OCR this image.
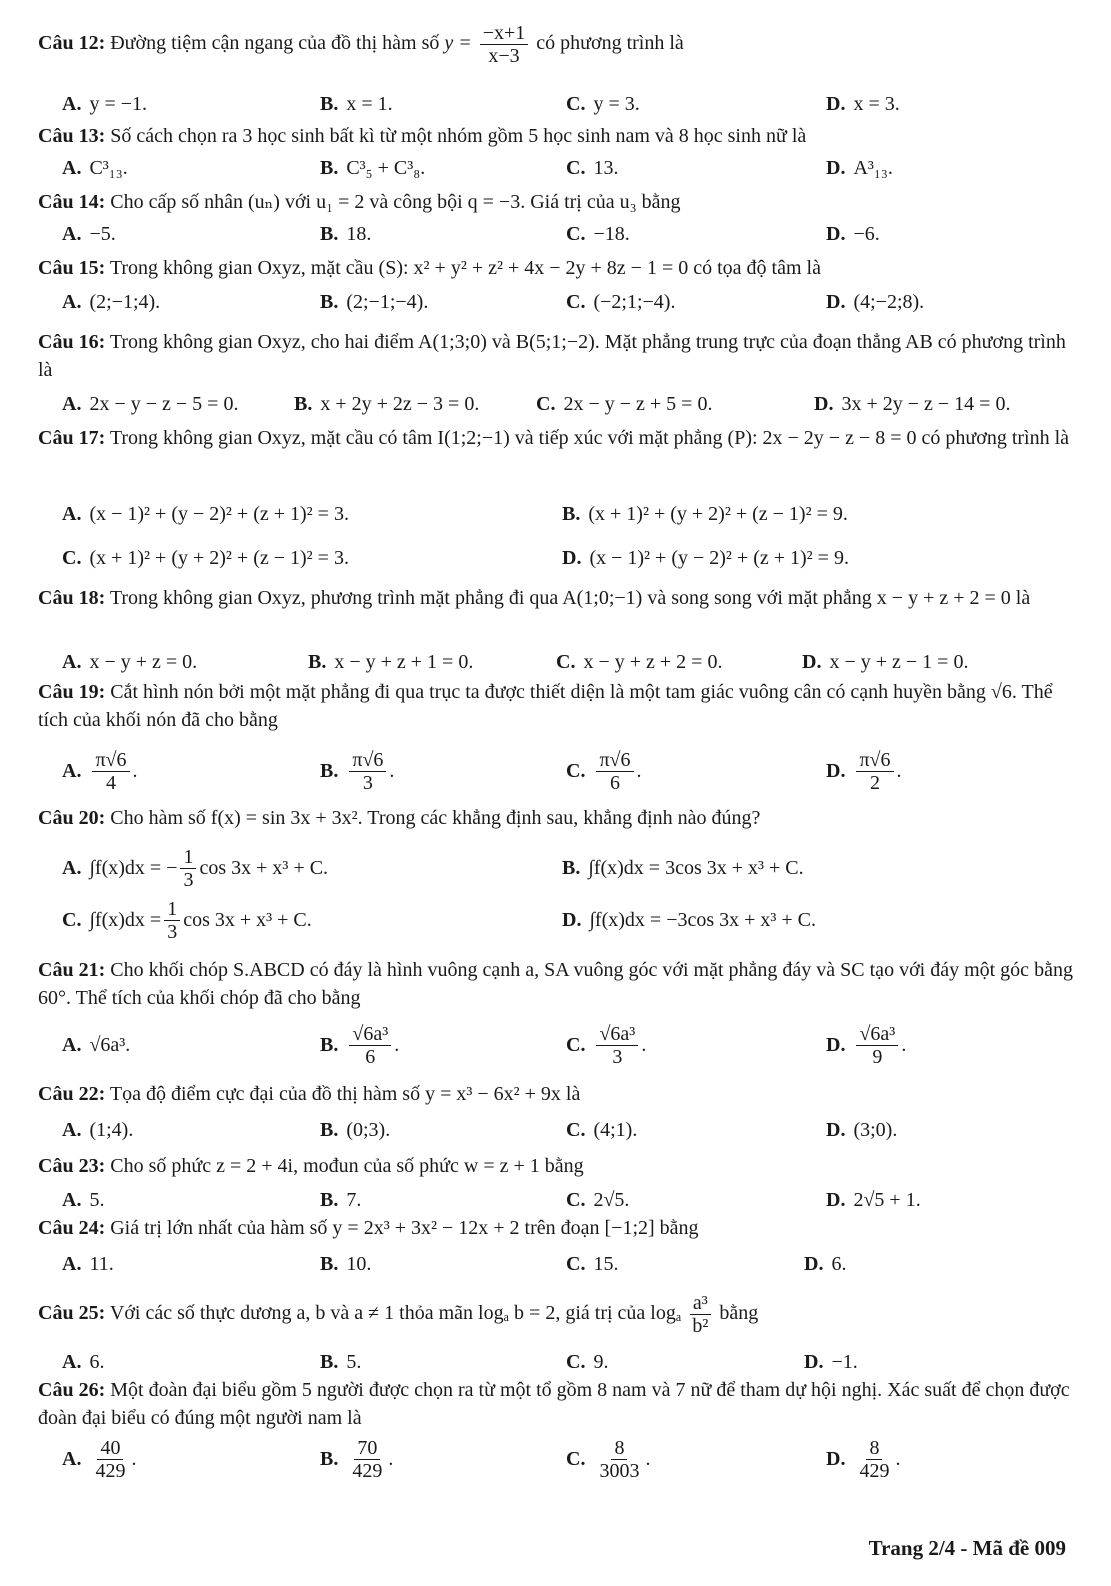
Câu 12: Đường tiệm cận ngang của đồ thị hàm số $y = \frac{-x+1}{x-3}$ có phương trình là
A. y = −1.	B. x = 1.	C. y = 3.	D. x = 3.
Câu 13: Số cách chọn ra 3 học sinh bất kì từ một nhóm gồm 5 học sinh nam và 8 học sinh nữ là
A. C³₁₃.	B. C³₅ + C³₈.	C. 13.	D. A³₁₃.
Câu 14: Cho cấp số nhân (uₙ) với u₁ = 2 và công bội q = −3. Giá trị của u₃ bằng
A. −5.	B. 18.	C. −18.	D. −6.
Câu 15: Trong không gian Oxyz, mặt cầu (S): x² + y² + z² + 4x − 2y + 8z − 1 = 0 có tọa độ tâm là
A. (2;−1;4).	B. (2;−1;−4).	C. (−2;1;−4).	D. (4;−2;8).
Câu 16: Trong không gian Oxyz, cho hai điểm A(1;3;0) và B(5;1;−2). Mặt phẳng trung trực của đoạn thẳng AB có phương trình là
A. 2x − y − z − 5 = 0.	B. x + 2y + 2z − 3 = 0.	C. 2x − y − z + 5 = 0.	D. 3x + 2y − z − 14 = 0.
Câu 17: Trong không gian Oxyz, mặt cầu có tâm I(1;2;−1) và tiếp xúc với mặt phẳng (P): 2x − 2y − z − 8 = 0 có phương trình là
A. (x − 1)² + (y − 2)² + (z + 1)² = 3.	B. (x + 1)² + (y + 2)² + (z − 1)² = 9.
C. (x + 1)² + (y + 2)² + (z − 1)² = 3.	D. (x − 1)² + (y − 2)² + (z + 1)² = 9.
Câu 18: Trong không gian Oxyz, phương trình mặt phẳng đi qua A(1;0;−1) và song song với mặt phẳng x − y + z + 2 = 0 là
A. x − y + z = 0.	B. x − y + z + 1 = 0.	C. x − y + z + 2 = 0.	D. x − y + z − 1 = 0.
Câu 19: Cắt hình nón bởi một mặt phẳng đi qua trục ta được thiết diện là một tam giác vuông cân có cạnh huyền bằng √6. Thể tích của khối nón đã cho bằng
A. $\frac{\pi√6}{4}$ .	B. $\frac{\pi√6}{3}$ .	C. $\frac{\pi√6}{6}$ .	D. $\frac{\pi√6}{2}$ .
Câu 20: Cho hàm số f(x) = sin 3x + 3x². Trong các khẳng định sau, khẳng định nào đúng?
A. ∫f(x)dx = − $\frac{1}{3}$ cos 3x + x³ + C.	B. ∫f(x)dx = 3cos 3x + x³ + C.
C. $\int f(x)dx = \frac{1}{3}$ cos 3x + x³ + C.	D. ∫f(x)dx = −3cos 3x + x³ + C.
Câu 21: Cho khối chóp S.ABCD có đáy là hình vuông cạnh a, SA vuông góc với mặt phẳng đáy và SC tạo với đáy một góc bằng 60°. Thể tích của khối chóp đã cho bằng
A. √6a³.	B. $\frac{\text{√6a³}}{6}$ .	C. $\frac{\text{√6a³}}{3}$ .	D. $\frac{\text{√6a³}}{9}$ .
Câu 22: Tọa độ điểm cực đại của đồ thị hàm số y = x³ − 6x² + 9x là
A. (1;4).	B. (0;3).	C. (4;1).	D. (3;0).
Câu 23: Cho số phức z = 2 + 4i, mođun của số phức w = z + 1 bằng
A. 5.	B. 7.	C. 2√5.	D. 2√5 + 1.
Câu 24: Giá trị lớn nhất của hàm số y = 2x³ + 3x² − 12x + 2 trên đoạn [−1;2] bằng
A. 11.	B. 10.	C. 15.	D. 6.
Câu 25: Với các số thực dương a, b và a ≠ 1 thỏa mãn logₐ b = 2, giá trị của logₐ $\frac{\text{a³}}{\text{b²}}$ bằng
A. 6.	B. 5.	C. 9.	D. −1.
Câu 26: Một đoàn đại biểu gồm 5 người được chọn ra từ một tổ gồm 8 nam và 7 nữ để tham dự hội nghị. Xác suất để chọn được đoàn đại biểu có đúng một người nam là
A. $\frac{40}{429}$ .	B. $\frac{70}{429}$ .	C. $\frac{8}{3003}$ .	D. $\frac{8}{429}$ .
Trang 2/4 - Mã đề 009
